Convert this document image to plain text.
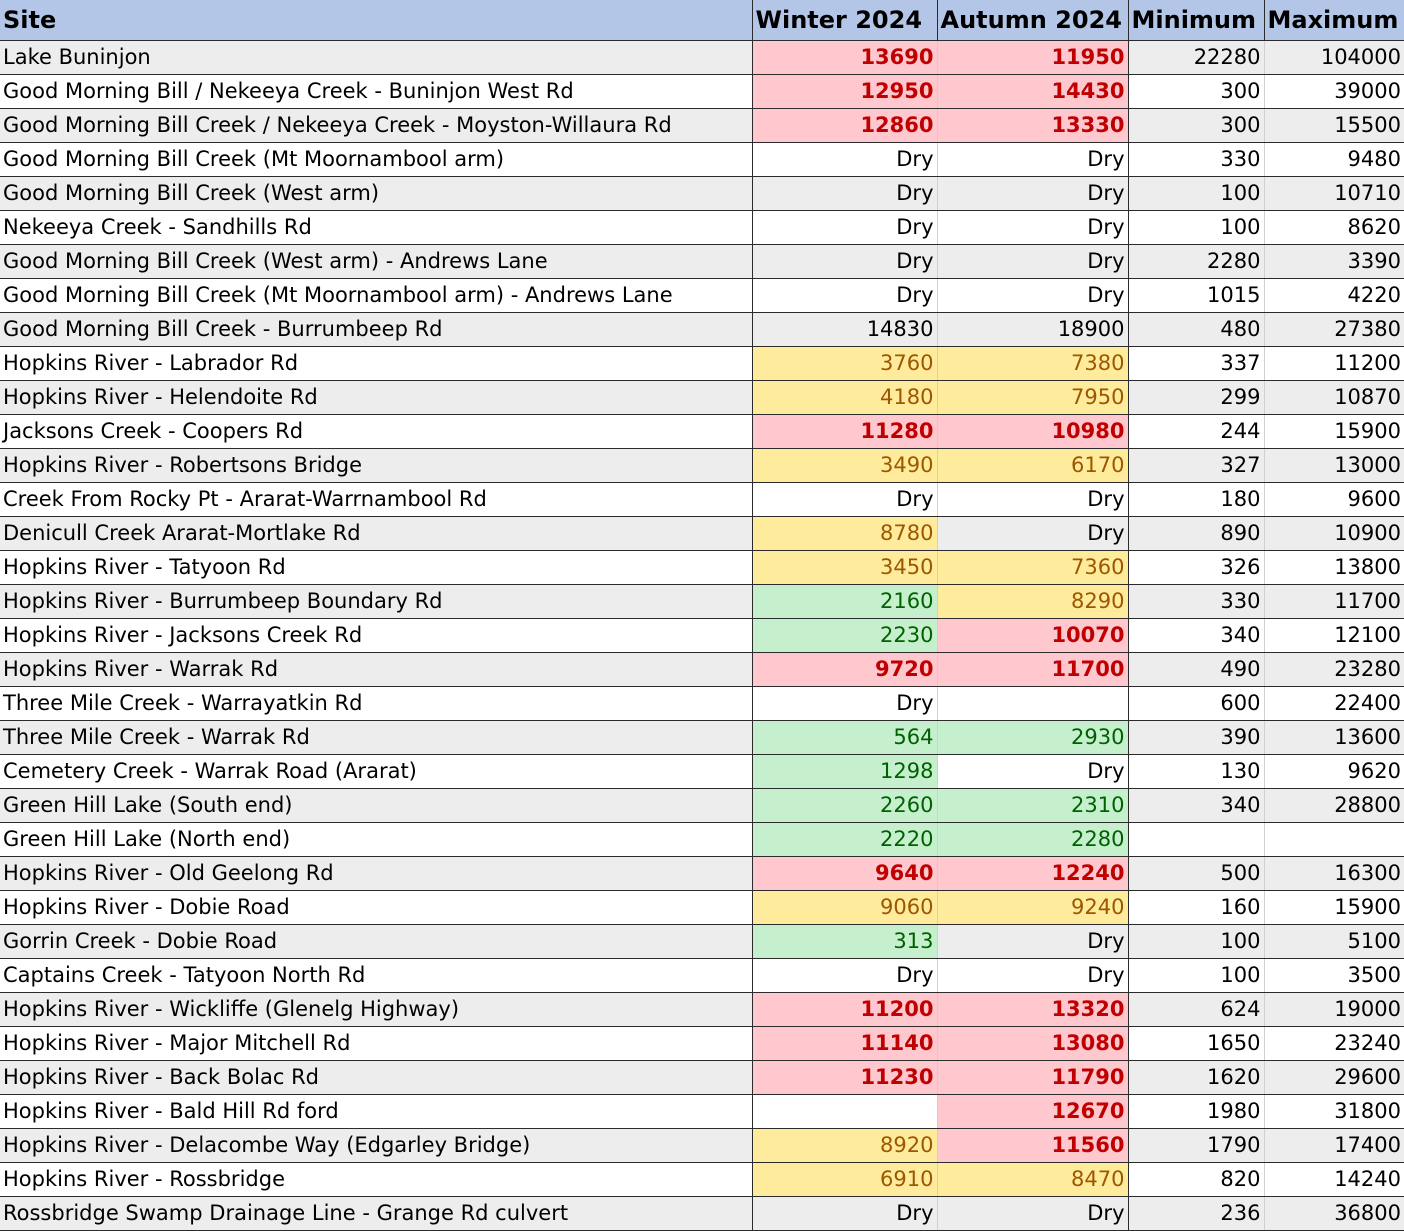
Site	Winter 2024	Autumn 2024	Minimum	Maximum
Lake Buninjon	13690	11950	22280	104000
Good Morning Bill / Nekeeya Creek - Buninjon West Rd	12950	14430	300	39000
Good Morning Bill Creek / Nekeeya Creek - Moyston-Willaura Rd	12860	13330	300	15500
Good Morning Bill Creek (Mt Moornambool arm)	Dry	Dry	330	9480
Good Morning Bill Creek (West arm)	Dry	Dry	100	10710
Nekeeya Creek - Sandhills Rd	Dry	Dry	100	8620
Good Morning Bill Creek (West arm) - Andrews Lane	Dry	Dry	2280	3390
Good Morning Bill Creek (Mt Moornambool arm) - Andrews Lane	Dry	Dry	1015	4220
Good Morning Bill Creek - Burrumbeep Rd	14830	18900	480	27380
Hopkins River - Labrador Rd	3760	7380	337	11200
Hopkins River - Helendoite Rd	4180	7950	299	10870
Jacksons Creek - Coopers Rd	11280	10980	244	15900
Hopkins River - Robertsons Bridge	3490	6170	327	13000
Creek From Rocky Pt - Ararat-Warrnambool Rd	Dry	Dry	180	9600
Denicull Creek Ararat-Mortlake Rd	8780	Dry	890	10900
Hopkins River - Tatyoon Rd	3450	7360	326	13800
Hopkins River - Burrumbeep Boundary Rd	2160	8290	330	11700
Hopkins River - Jacksons Creek Rd	2230	10070	340	12100
Hopkins River - Warrak Rd	9720	11700	490	23280
Three Mile Creek - Warrayatkin Rd	Dry		600	22400
Three Mile Creek - Warrak Rd	564	2930	390	13600
Cemetery Creek - Warrak Road (Ararat)	1298	Dry	130	9620
Green Hill Lake (South end)	2260	2310	340	28800
Green Hill Lake (North end)	2220	2280		
Hopkins River - Old Geelong Rd	9640	12240	500	16300
Hopkins River - Dobie Road	9060	9240	160	15900
Gorrin Creek - Dobie Road	313	Dry	100	5100
Captains Creek - Tatyoon North Rd	Dry	Dry	100	3500
Hopkins River - Wickliffe (Glenelg Highway)	11200	13320	624	19000
Hopkins River - Major Mitchell Rd	11140	13080	1650	23240
Hopkins River - Back Bolac Rd	11230	11790	1620	29600
Hopkins River - Bald Hill Rd ford		12670	1980	31800
Hopkins River - Delacombe Way (Edgarley Bridge)	8920	11560	1790	17400
Hopkins River - Rossbridge	6910	8470	820	14240
Rossbridge Swamp Drainage Line - Grange Rd culvert	Dry	Dry	236	36800
